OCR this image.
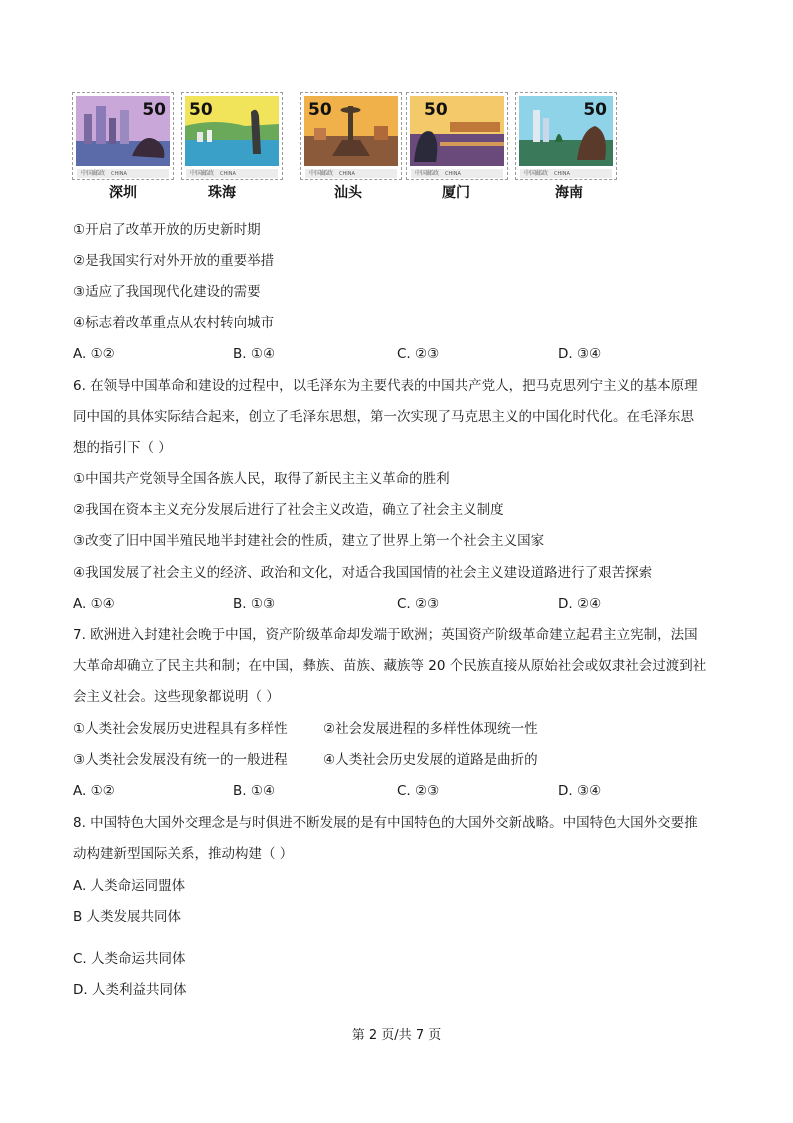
50
中国邮政 CHINA
50
中国邮政 CHINA
50
中国邮政 CHINA
50
中国邮政 CHINA
50
中国邮政 CHINA
深圳	珠海	汕头	厦门	海南
①开启了改革开放的历史新时期
②是我国实行对外开放的重要举措
③适应了我国现代化建设的需要
④标志着改革重点从农村转向城市
A. ①②	B. ①④	C. ②③	D. ③④
6. 在领导中国革命和建设的过程中，以毛泽东为主要代表的中国共产党人，把马克思列宁主义的基本原理
同中国的具体实际结合起来，创立了毛泽东思想，第一次实现了马克思主义的中国化时代化。在毛泽东思
想的指引下（ ）
①中国共产党领导全国各族人民，取得了新民主主义革命的胜利
②我国在资本主义充分发展后进行了社会主义改造，确立了社会主义制度
③改变了旧中国半殖民地半封建社会的性质，建立了世界上第一个社会主义国家
④我国发展了社会主义的经济、政治和文化，对适合我国国情的社会主义建设道路进行了艰苦探索
A. ①④	B. ①③	C. ②③	D. ②④
7. 欧洲进入封建社会晚于中国，资产阶级革命却发端于欧洲；英国资产阶级革命建立起君主立宪制，法国
大革命却确立了民主共和制；在中国，彝族、苗族、藏族等 20 个民族直接从原始社会或奴隶社会过渡到社
会主义社会。这些现象都说明（ ）
①人类社会发展历史进程具有多样性	②社会发展进程的多样性体现统一性
③人类社会发展没有统一的一般进程	④人类社会历史发展的道路是曲折的
A. ①②	B. ①④	C. ②③	D. ③④
8. 中国特色大国外交理念是与时俱进不断发展的是有中国特色的大国外交新战略。中国特色大国外交要推
动构建新型国际关系，推动构建（ ）
A. 人类命运同盟体
B 人类发展共同体
C. 人类命运共同体
D. 人类利益共同体
第 2 页/共 7 页
